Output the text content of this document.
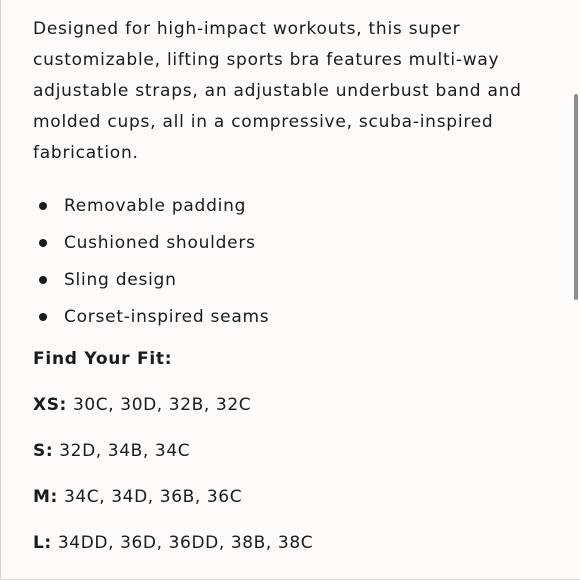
Designed for high-impact workouts, this super customizable, lifting sports bra features multi-way adjustable straps, an adjustable underbust band and molded cups, all in a compressive, scuba-inspired fabrication.

Removable padding
Cushioned shoulders
Sling design
Corset-inspired seams

Find Your Fit:

XS: 30C, 30D, 32B, 32C

S: 32D, 34B, 34C

M: 34C, 34D, 36B, 36C

L: 34DD, 36D, 36DD, 38B, 38C
